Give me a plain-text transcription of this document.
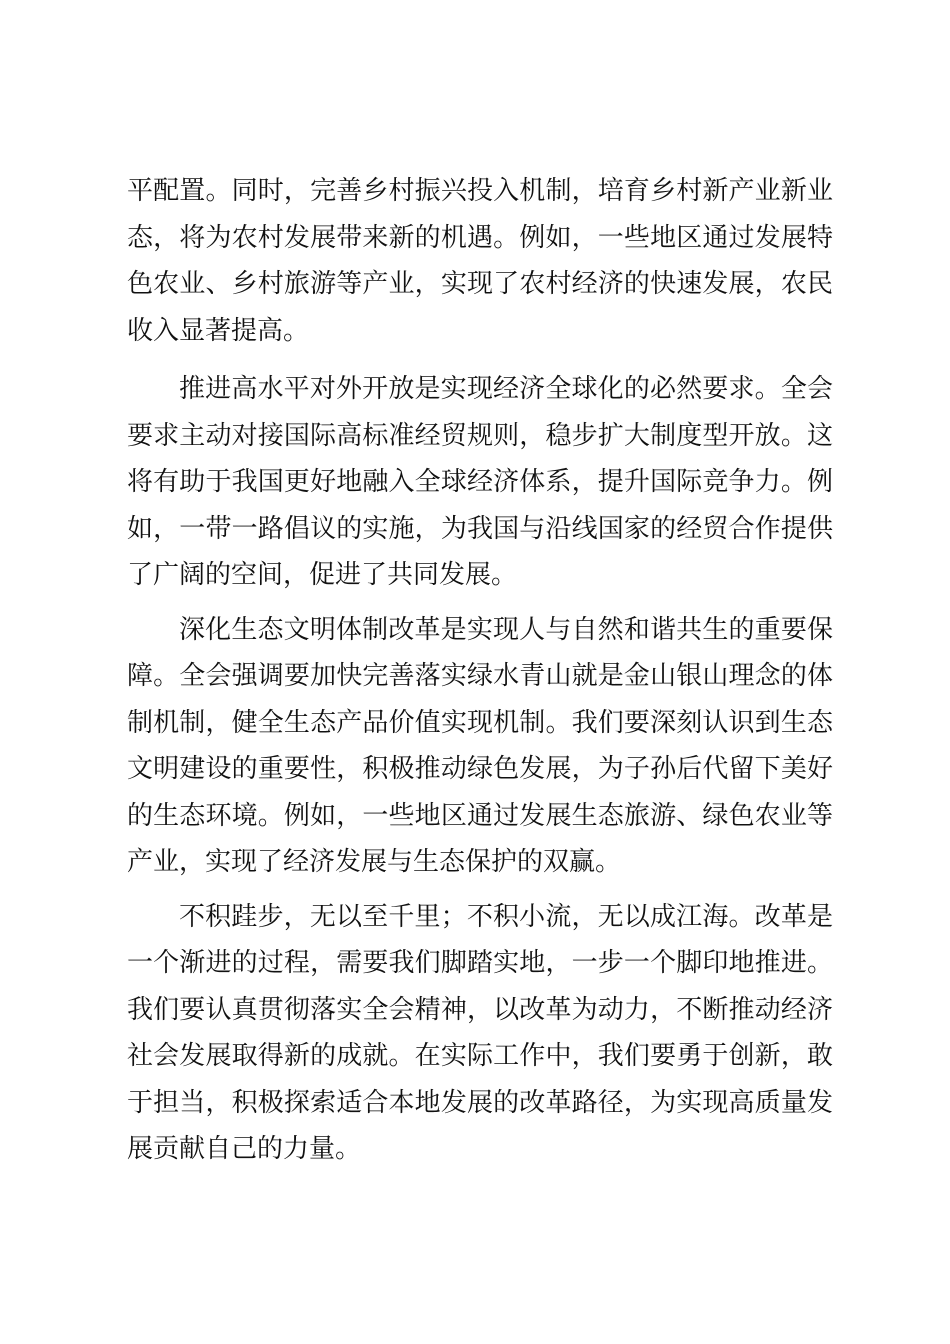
平配置。同时，完善乡村振兴投入机制，培育乡村新产业新业态，将为农村发展带来新的机遇。例如，一些地区通过发展特色农业、乡村旅游等产业，实现了农村经济的快速发展，农民收入显著提高。

推进高水平对外开放是实现经济全球化的必然要求。全会要求主动对接国际高标准经贸规则，稳步扩大制度型开放。这将有助于我国更好地融入全球经济体系，提升国际竞争力。例如，一带一路倡议的实施，为我国与沿线国家的经贸合作提供了广阔的空间，促进了共同发展。

深化生态文明体制改革是实现人与自然和谐共生的重要保障。全会强调要加快完善落实绿水青山就是金山银山理念的体制机制，健全生态产品价值实现机制。我们要深刻认识到生态文明建设的重要性，积极推动绿色发展，为子孙后代留下美好的生态环境。例如，一些地区通过发展生态旅游、绿色农业等产业，实现了经济发展与生态保护的双赢。

不积跬步，无以至千里；不积小流，无以成江海。改革是一个渐进的过程，需要我们脚踏实地，一步一个脚印地推进。我们要认真贯彻落实全会精神，以改革为动力，不断推动经济社会发展取得新的成就。在实际工作中，我们要勇于创新，敢于担当，积极探索适合本地发展的改革路径，为实现高质量发展贡献自己的力量。
